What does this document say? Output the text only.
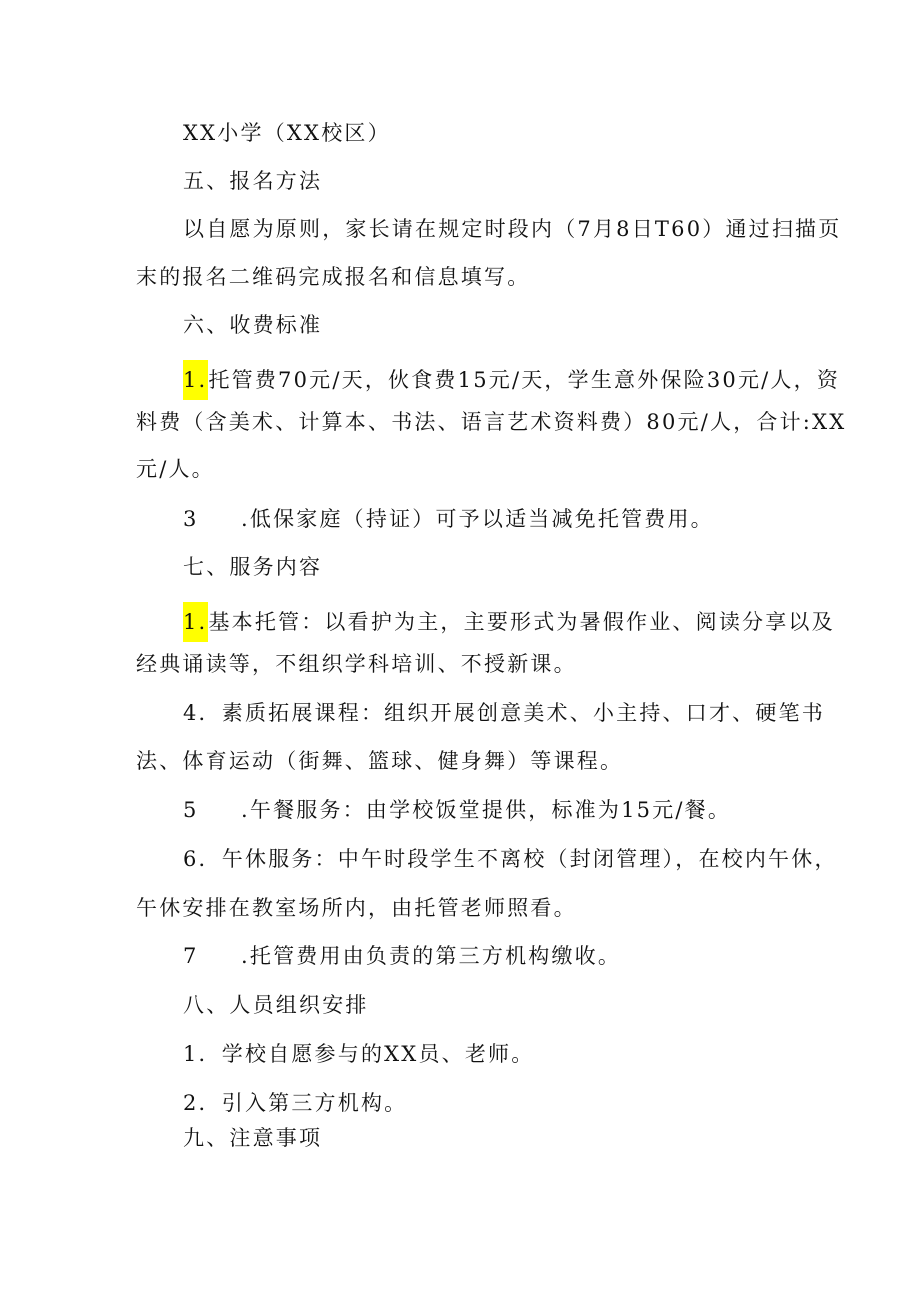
XX小学（XX校区）
五、报名方法
以自愿为原则，家长请在规定时段内（7月8日T60）通过扫描页
末的报名二维码完成报名和信息填写。
六、收费标准
1.托管费70元/天，伙食费15元/天，学生意外保险30元/人，资
料费（含美术、计算本、书法、语言艺术资料费）80元/人，合计:XX
元/人。
3 .低保家庭（持证）可予以适当减免托管费用。
七、服务内容
1.基本托管：以看护为主，主要形式为暑假作业、阅读分享以及
经典诵读等，不组织学科培训、不授新课。
4．素质拓展课程：组织开展创意美术、小主持、口才、硬笔书
法、体育运动（街舞、篮球、健身舞）等课程。
5 .午餐服务：由学校饭堂提供，标准为15元/餐。
6．午休服务：中午时段学生不离校（封闭管理），在校内午休，
午休安排在教室场所内，由托管老师照看。
7 .托管费用由负责的第三方机构缴收。
八、人员组织安排
1．学校自愿参与的XX员、老师。
2．引入第三方机构。
九、注意事项
